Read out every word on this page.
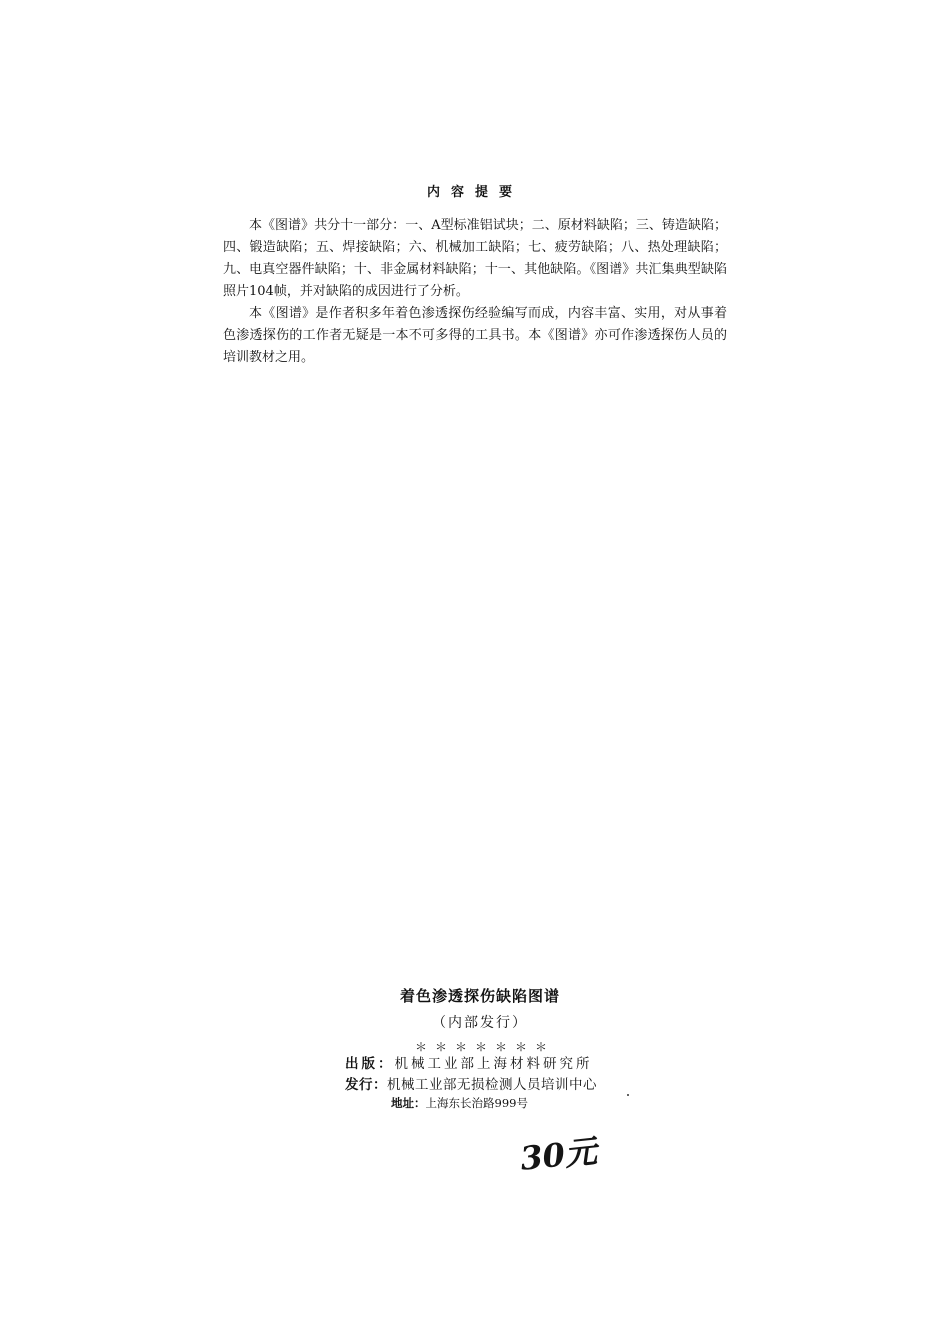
内容提要

本《图谱》共分十一部分：一、A型标准铝试块；二、原材料缺陷；三、铸造缺陷；四、锻造缺陷；五、焊接缺陷；六、机械加工缺陷；七、疲劳缺陷；八、热处理缺陷；九、电真空器件缺陷；十、非金属材料缺陷；十一、其他缺陷。《图谱》共汇集典型缺陷照片104帧，并对缺陷的成因进行了分析。

本《图谱》是作者积多年着色渗透探伤经验编写而成，内容丰富、实用，对从事着色渗透探伤的工作者无疑是一本不可多得的工具书。本《图谱》亦可作渗透探伤人员的培训教材之用。

着色渗透探伤缺陷图谱
（内部发行）
＊＊＊＊＊＊＊
出版：机械工业部上海材料研究所
发行：机械工业部无损检测人员培训中心
地址：上海东长治路999号
30元
